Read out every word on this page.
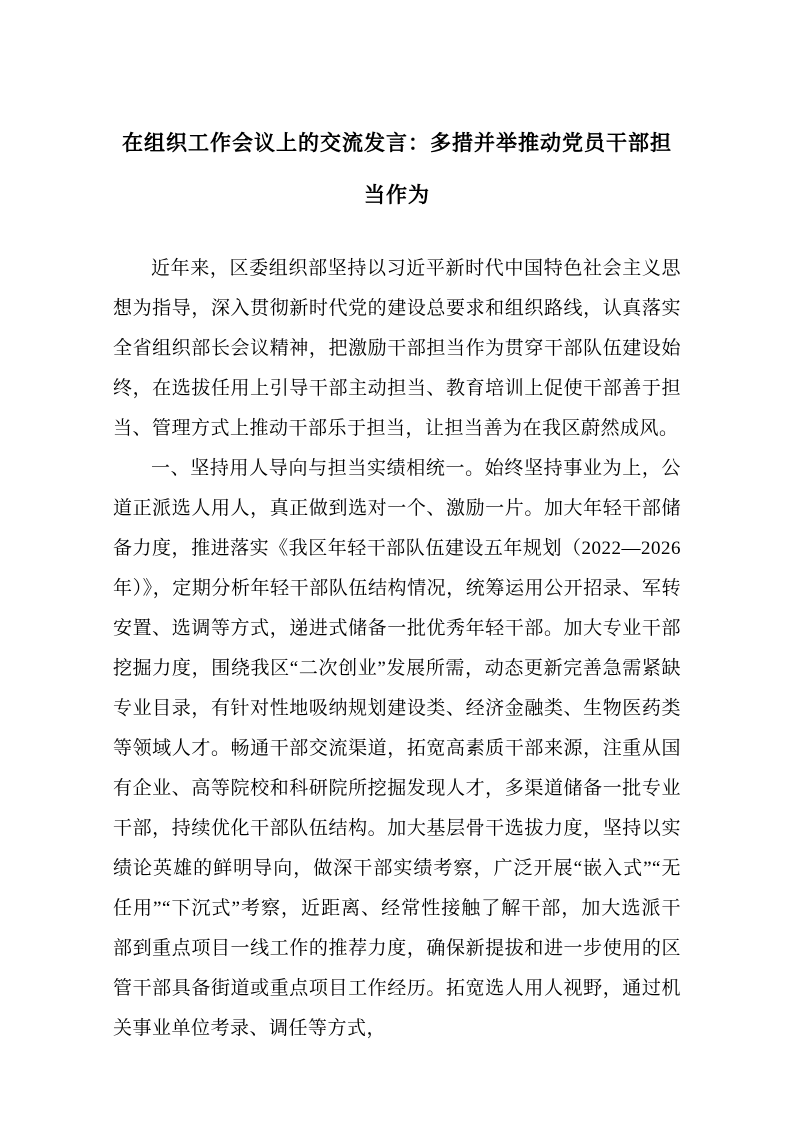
在组织工作会议上的交流发言：多措并举推动党员干部担当作为

近年来，区委组织部坚持以习近平新时代中国特色社会主义思想为指导，深入贯彻新时代党的建设总要求和组织路线，认真落实全省组织部长会议精神，把激励干部担当作为贯穿干部队伍建设始终，在选拔任用上引导干部主动担当、教育培训上促使干部善于担当、管理方式上推动干部乐于担当，让担当善为在我区蔚然成风。

一、坚持用人导向与担当实绩相统一。始终坚持事业为上，公道正派选人用人，真正做到选对一个、激励一片。加大年轻干部储备力度，推进落实《我区年轻干部队伍建设五年规划（2022—2026 年）》，定期分析年轻干部队伍结构情况，统筹运用公开招录、军转安置、选调等方式，递进式储备一批优秀年轻干部。加大专业干部挖掘力度，围绕我区“二次创业”发展所需，动态更新完善急需紧缺专业目录，有针对性地吸纳规划建设类、经济金融类、生物医药类等领域人才。畅通干部交流渠道，拓宽高素质干部来源，注重从国有企业、高等院校和科研院所挖掘发现人才，多渠道储备一批专业干部，持续优化干部队伍结构。加大基层骨干选拔力度，坚持以实绩论英雄的鲜明导向，做深干部实绩考察，广泛开展“嵌入式”“无任用”“下沉式”考察，近距离、经常性接触了解干部，加大选派干部到重点项目一线工作的推荐力度，确保新提拔和进一步使用的区管干部具备街道或重点项目工作经历。拓宽选人用人视野，通过机关事业单位考录、调任等方式，
